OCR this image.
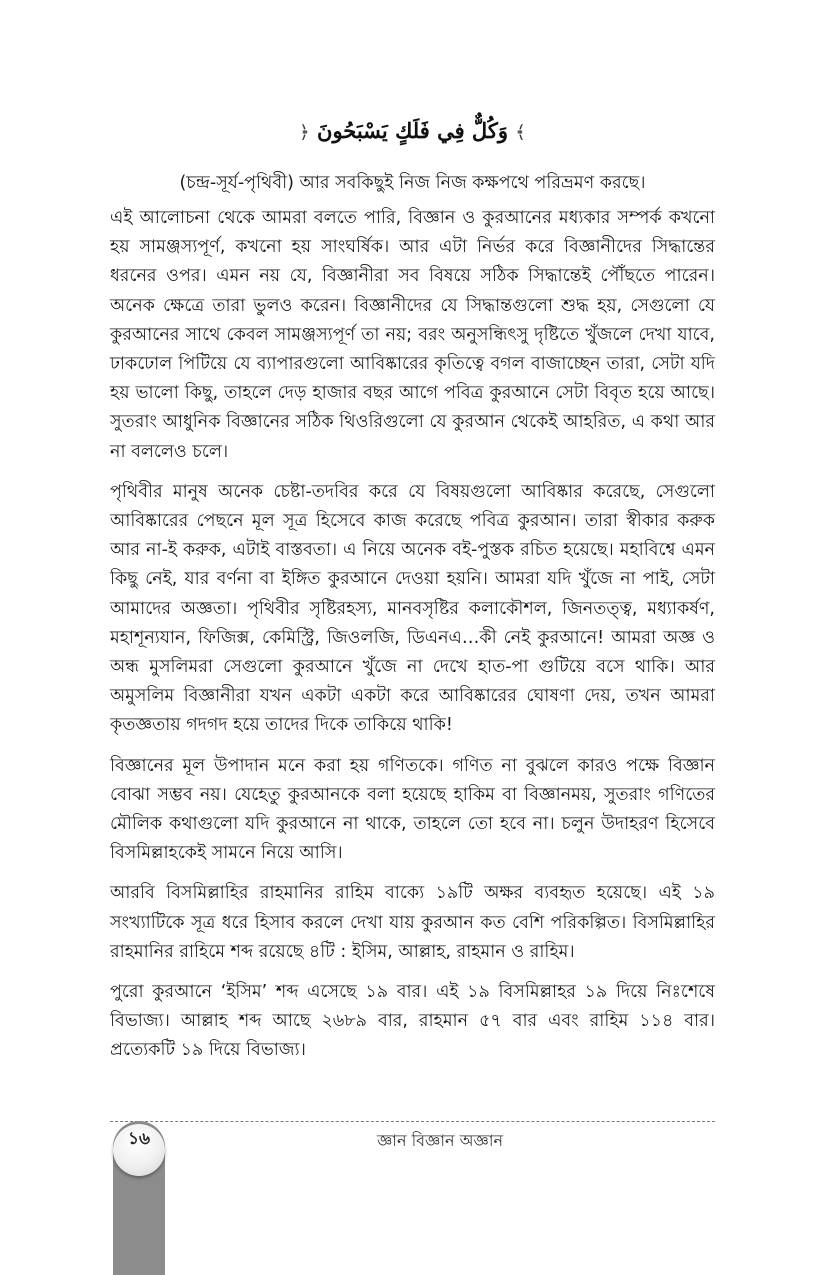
﴿ وَكُلٌّ فِي فَلَكٍ يَسْبَحُونَ ﴾
(চন্দ্র-সূর্য-পৃথিবী) আর সবকিছুই নিজ নিজ কক্ষপথে পরিভ্রমণ করছে।

এই আলোচনা থেকে আমরা বলতে পারি, বিজ্ঞান ও কুরআনের মধ্যকার সম্পর্ক কখনো হয় সামঞ্জস্যপূর্ণ, কখনো হয় সাংঘর্ষিক। আর এটা নির্ভর করে বিজ্ঞানীদের সিদ্ধান্তের ধরনের ওপর। এমন নয় যে, বিজ্ঞানীরা সব বিষয়ে সঠিক সিদ্ধান্তেই পৌঁছতে পারেন। অনেক ক্ষেত্রে তারা ভুলও করেন। বিজ্ঞানীদের যে সিদ্ধান্তগুলো শুদ্ধ হয়, সেগুলো যে কুরআনের সাথে কেবল সামঞ্জস্যপূর্ণ তা নয়; বরং অনুসন্ধিৎসু দৃষ্টিতে খুঁজলে দেখা যাবে, ঢাকঢোল পিটিয়ে যে ব্যাপারগুলো আবিষ্কারের কৃতিত্বে বগল বাজাচ্ছেন তারা, সেটা যদি হয় ভালো কিছু, তাহলে দেড় হাজার বছর আগে পবিত্র কুরআনে সেটা বিবৃত হয়ে আছে। সুতরাং আধুনিক বিজ্ঞানের সঠিক থিওরিগুলো যে কুরআন থেকেই আহরিত, এ কথা আর না বললেও চলে।

পৃথিবীর মানুষ অনেক চেষ্টা-তদবির করে যে বিষয়গুলো আবিষ্কার করেছে, সেগুলো আবিষ্কারের পেছনে মূল সূত্র হিসেবে কাজ করেছে পবিত্র কুরআন। তারা স্বীকার করুক আর না-ই করুক, এটাই বাস্তবতা। এ নিয়ে অনেক বই-পুস্তক রচিত হয়েছে। মহাবিশ্বে এমন কিছু নেই, যার বর্ণনা বা ইঙ্গিত কুরআনে দেওয়া হয়নি। আমরা যদি খুঁজে না পাই, সেটা আমাদের অজ্ঞতা। পৃথিবীর সৃষ্টিরহস্য, মানবসৃষ্টির কলাকৌশল, জিনতত্ত্ব, মধ্যাকর্ষণ, মহাশূন্যযান, ফিজিক্স, কেমিস্ট্রি, জিওলজি, ডিএনএ…কী নেই কুরআনে! আমরা অজ্ঞ ও অন্ধ মুসলিমরা সেগুলো কুরআনে খুঁজে না দেখে হাত-পা গুটিয়ে বসে থাকি। আর অমুসলিম বিজ্ঞানীরা যখন একটা একটা করে আবিষ্কারের ঘোষণা দেয়, তখন আমরা কৃতজ্ঞতায় গদগদ হয়ে তাদের দিকে তাকিয়ে থাকি!

বিজ্ঞানের মূল উপাদান মনে করা হয় গণিতকে। গণিত না বুঝলে কারও পক্ষে বিজ্ঞান বোঝা সম্ভব নয়। যেহেতু কুরআনকে বলা হয়েছে হাকিম বা বিজ্ঞানময়, সুতরাং গণিতের মৌলিক কথাগুলো যদি কুরআনে না থাকে, তাহলে তো হবে না। চলুন উদাহরণ হিসেবে বিসমিল্লাহকেই সামনে নিয়ে আসি।

আরবি বিসমিল্লাহির রাহমানির রাহিম বাক্যে ১৯টি অক্ষর ব্যবহৃত হয়েছে। এই ১৯ সংখ্যাটিকে সূত্র ধরে হিসাব করলে দেখা যায় কুরআন কত বেশি পরিকল্পিত। বিসমিল্লাহির রাহমানির রাহিমে শব্দ রয়েছে ৪টি : ইসিম, আল্লাহ, রাহমান ও রাহিম।

পুরো কুরআনে ‘ইসিম’ শব্দ এসেছে ১৯ বার। এই ১৯ বিসমিল্লাহর ১৯ দিয়ে নিঃশেষে বিভাজ্য। আল্লাহ শব্দ আছে ২৬৮৯ বার, রাহমান ৫৭ বার এবং রাহিম ১১৪ বার। প্রত্যেকটি ১৯ দিয়ে বিভাজ্য।

১৬	জ্ঞান বিজ্ঞান অজ্ঞান
